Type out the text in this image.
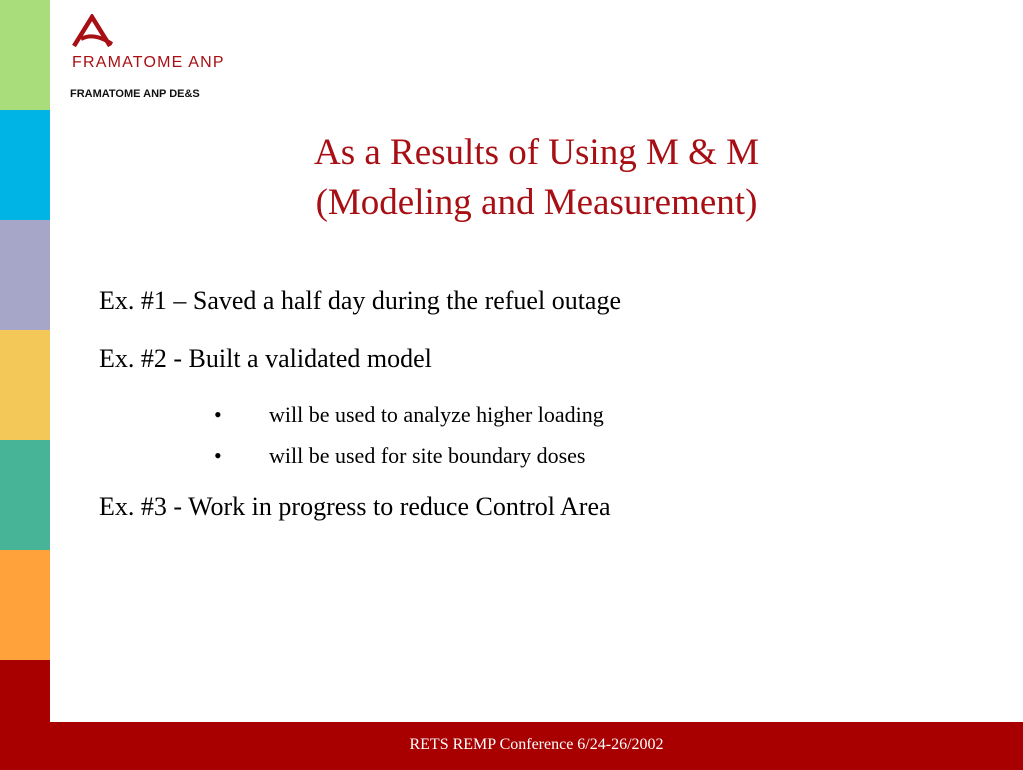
RETS REMP Conference 6/24-26/2002
FRAMATOME ANP
FRAMATOME ANP DE&S
As a Results of Using M & M
(Modeling and Measurement)
Ex. #1 – Saved a half day during the refuel outage
Ex. #2 - Built a validated model
• will be used to analyze higher loading
• will be used for site boundary doses
Ex. #3 - Work in progress to reduce Control Area
